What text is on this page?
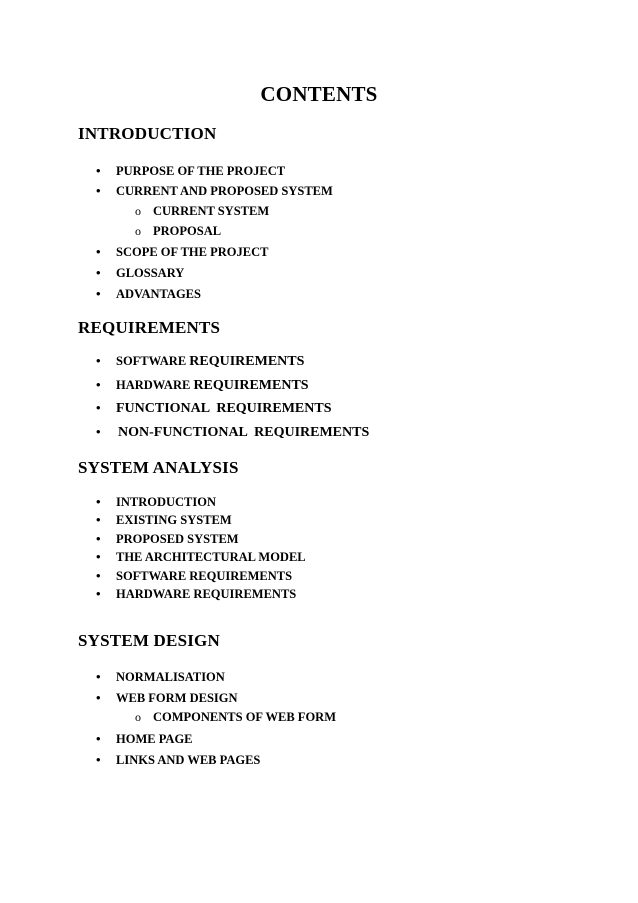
CONTENTS
INTRODUCTION
• PURPOSE OF THE PROJECT
• CURRENT AND PROPOSED SYSTEM
o CURRENT SYSTEM
o PROPOSAL
• SCOPE OF THE PROJECT
• GLOSSARY
• ADVANTAGES
REQUIREMENTS
• SOFTWARE REQUIREMENTS
• HARDWARE REQUIREMENTS
• FUNCTIONAL  REQUIREMENTS
• NON-FUNCTIONAL  REQUIREMENTS
SYSTEM ANALYSIS
• INTRODUCTION
• EXISTING SYSTEM
• PROPOSED SYSTEM
• THE ARCHITECTURAL MODEL
• SOFTWARE REQUIREMENTS
• HARDWARE REQUIREMENTS
SYSTEM DESIGN
• NORMALISATION
• WEB FORM DESIGN
o COMPONENTS OF WEB FORM
• HOME PAGE
• LINKS AND WEB PAGES
